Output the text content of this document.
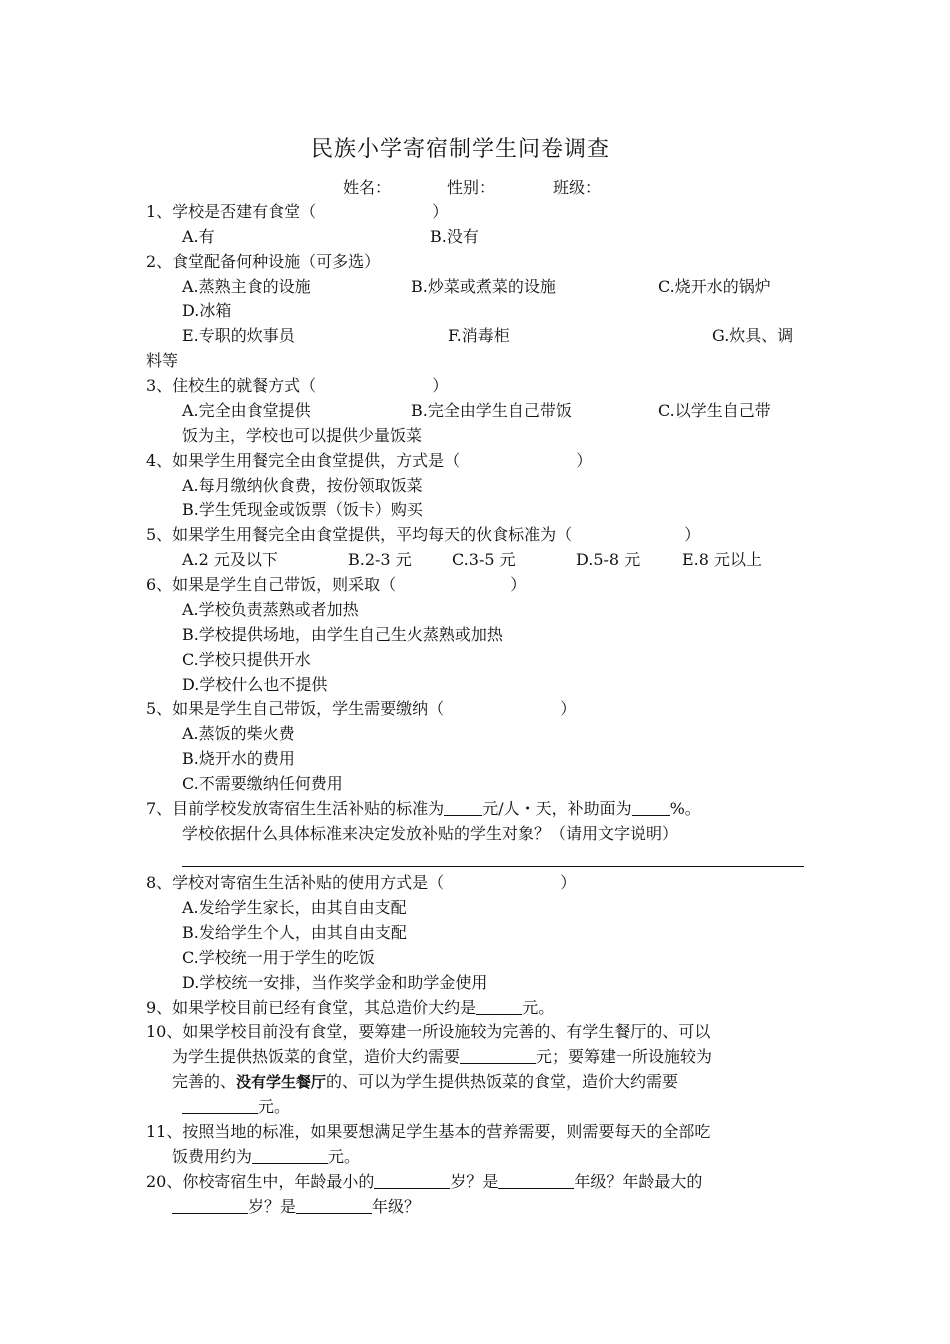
民族小学寄宿制学生问卷调查
姓名：	性别：	班级：
1、学校是否建有食堂（	）
A.有	B.没有
2、食堂配备何种设施（可多选）
A.蒸熟主食的设施	B.炒菜或煮菜的设施	C.烧开水的锅炉
D.冰箱
E.专职的炊事员	F.消毒柜	G.炊具、调
料等
3、住校生的就餐方式（	）
A.完全由食堂提供	B.完全由学生自己带饭	C.以学生自己带
饭为主，学校也可以提供少量饭菜
4、如果学生用餐完全由食堂提供，方式是（	）
A.每月缴纳伙食费，按份领取饭菜
B.学生凭现金或饭票（饭卡）购买
5、如果学生用餐完全由食堂提供，平均每天的伙食标准为（	）
A.2 元及以下	B.2-3 元	C.3-5 元	D.5-8 元	E.8 元以上
6、如果是学生自己带饭，则采取（	）
A.学校负责蒸熟或者加热
B.学校提供场地，由学生自己生火蒸熟或加热
C.学校只提供开水
D.学校什么也不提供
5、如果是学生自己带饭，学生需要缴纳（	）
A.蒸饭的柴火费
B.烧开水的费用
C.不需要缴纳任何费用
7、目前学校发放寄宿生生活补贴的标准为 元/人・天，补助面为 %。
学校依据什么具体标准来决定发放补贴的学生对象？（请用文字说明）
8、学校对寄宿生生活补贴的使用方式是（	）
A.发给学生家长，由其自由支配
B.发给学生个人，由其自由支配
C.学校统一用于学生的吃饭
D.学校统一安排，当作奖学金和助学金使用
9、如果学校目前已经有食堂，其总造价大约是	元。
10、如果学校目前没有食堂，要筹建一所设施较为完善的、有学生餐厅的、可以
为学生提供热饭菜的食堂，造价大约需要	元；要筹建一所设施较为
完善的、没有学生餐厅的、可以为学生提供热饭菜的食堂，造价大约需要
元。
11、按照当地的标准，如果要想满足学生基本的营养需要，则需要每天的全部吃
饭费用约为	元。
20、你校寄宿生中，年龄最小的	岁？是	年级？年龄最大的
岁？是	年级？
